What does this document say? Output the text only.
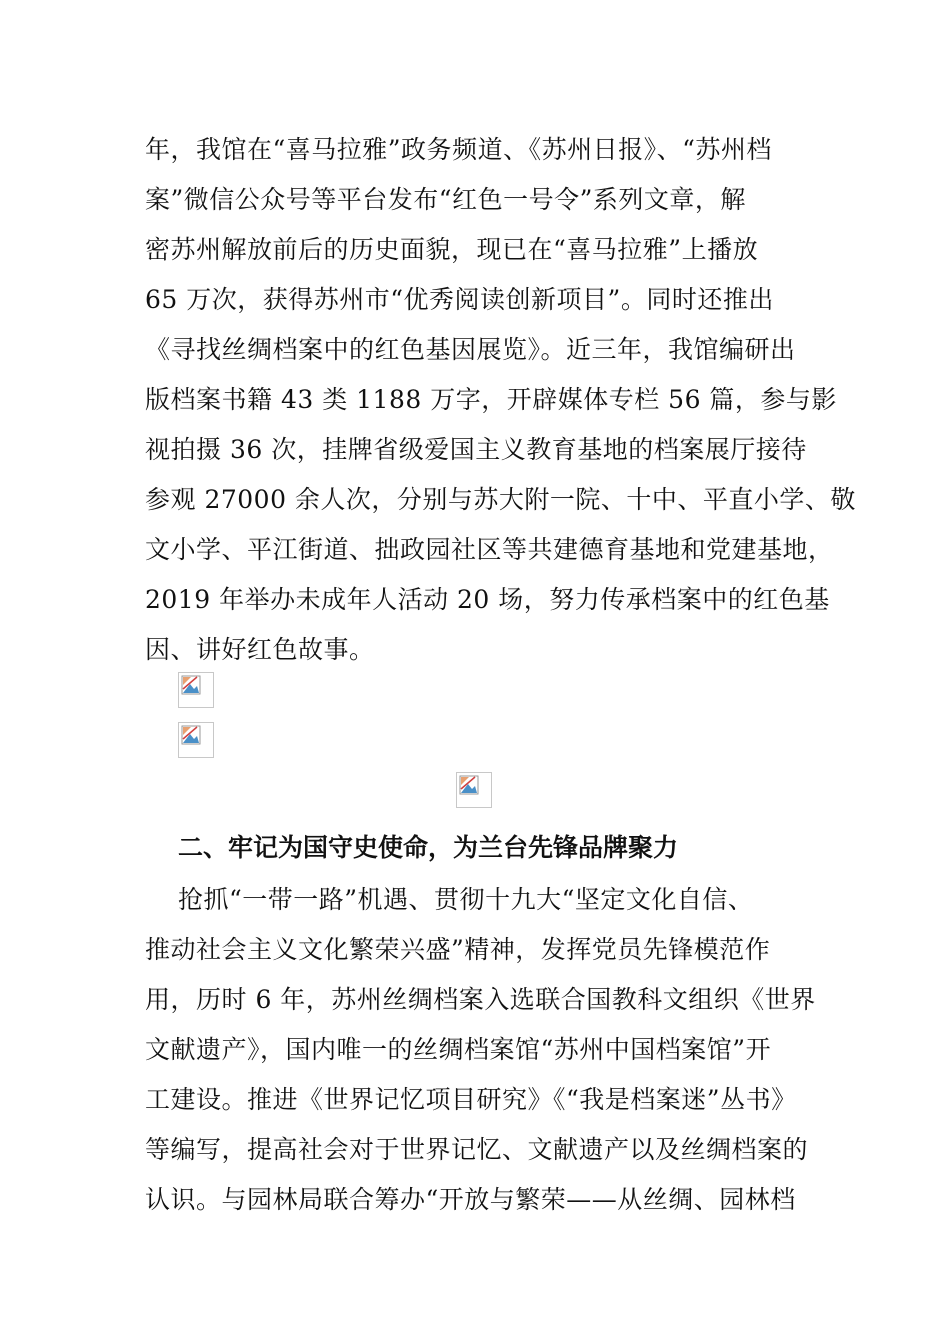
年，我馆在“喜马拉雅”政务频道、《苏州日报》、“苏州档
案”微信公众号等平台发布“红色一号令”系列文章，解
密苏州解放前后的历史面貌，现已在“喜马拉雅”上播放
65 万次，获得苏州市“优秀阅读创新项目”。同时还推出
《寻找丝绸档案中的红色基因展览》。近三年，我馆编研出
版档案书籍 43 类 1188 万字，开辟媒体专栏 56 篇，参与影
视拍摄 36 次，挂牌省级爱国主义教育基地的档案展厅接待
参观 27000 余人次，分别与苏大附一院、十中、平直小学、敬
文小学、平江街道、拙政园社区等共建德育基地和党建基地，
2019 年举办未成年人活动 20 场，努力传承档案中的红色基
因、讲好红色故事。
二、牢记为国守史使命，为兰台先锋品牌聚力
抢抓“一带一路”机遇、贯彻十九大“坚定文化自信、
推动社会主义文化繁荣兴盛”精神，发挥党员先锋模范作
用，历时 6 年，苏州丝绸档案入选联合国教科文组织《世界
文献遗产》，国内唯一的丝绸档案馆“苏州中国档案馆”开
工建设。推进《世界记忆项目研究》《“我是档案迷”丛书》
等编写，提高社会对于世界记忆、文献遗产以及丝绸档案的
认识。与园林局联合筹办“开放与繁荣——从丝绸、园林档
